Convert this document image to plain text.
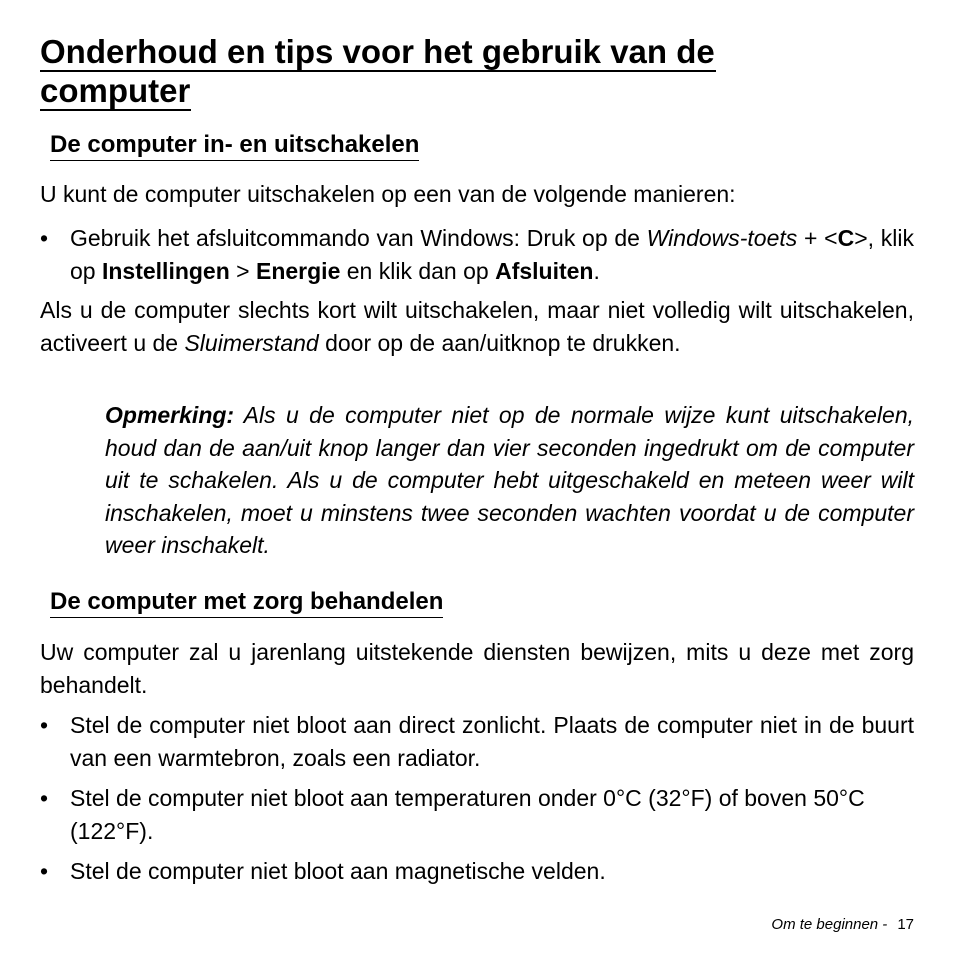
Onderhoud en tips voor het gebruik van de
computer
De computer in- en uitschakelen

U kunt de computer uitschakelen op een van de volgende manieren:

• Gebruik het afsluitcommando van Windows: Druk op de Windows-toets + <C>, klik op Instellingen > Energie en klik dan op Afsluiten.

Als u de computer slechts kort wilt uitschakelen, maar niet volledig wilt uitschakelen, activeert u de Sluimerstand door op de aan/uitknop te drukken.

Opmerking: Als u de computer niet op de normale wijze kunt uitschakelen, houd dan de aan/uit knop langer dan vier seconden ingedrukt om de computer uit te schakelen. Als u de computer hebt uitgeschakeld en meteen weer wilt inschakelen, moet u minstens twee seconden wachten voordat u de computer weer inschakelt.
De computer met zorg behandelen

Uw computer zal u jarenlang uitstekende diensten bewijzen, mits u deze met zorg behandelt.

• Stel de computer niet bloot aan direct zonlicht. Plaats de computer niet in de buurt van een warmtebron, zoals een radiator.
• Stel de computer niet bloot aan temperaturen onder 0°C (32°F) of boven 50°C (122°F).
• Stel de computer niet bloot aan magnetische velden.
Om te beginnen - 17
